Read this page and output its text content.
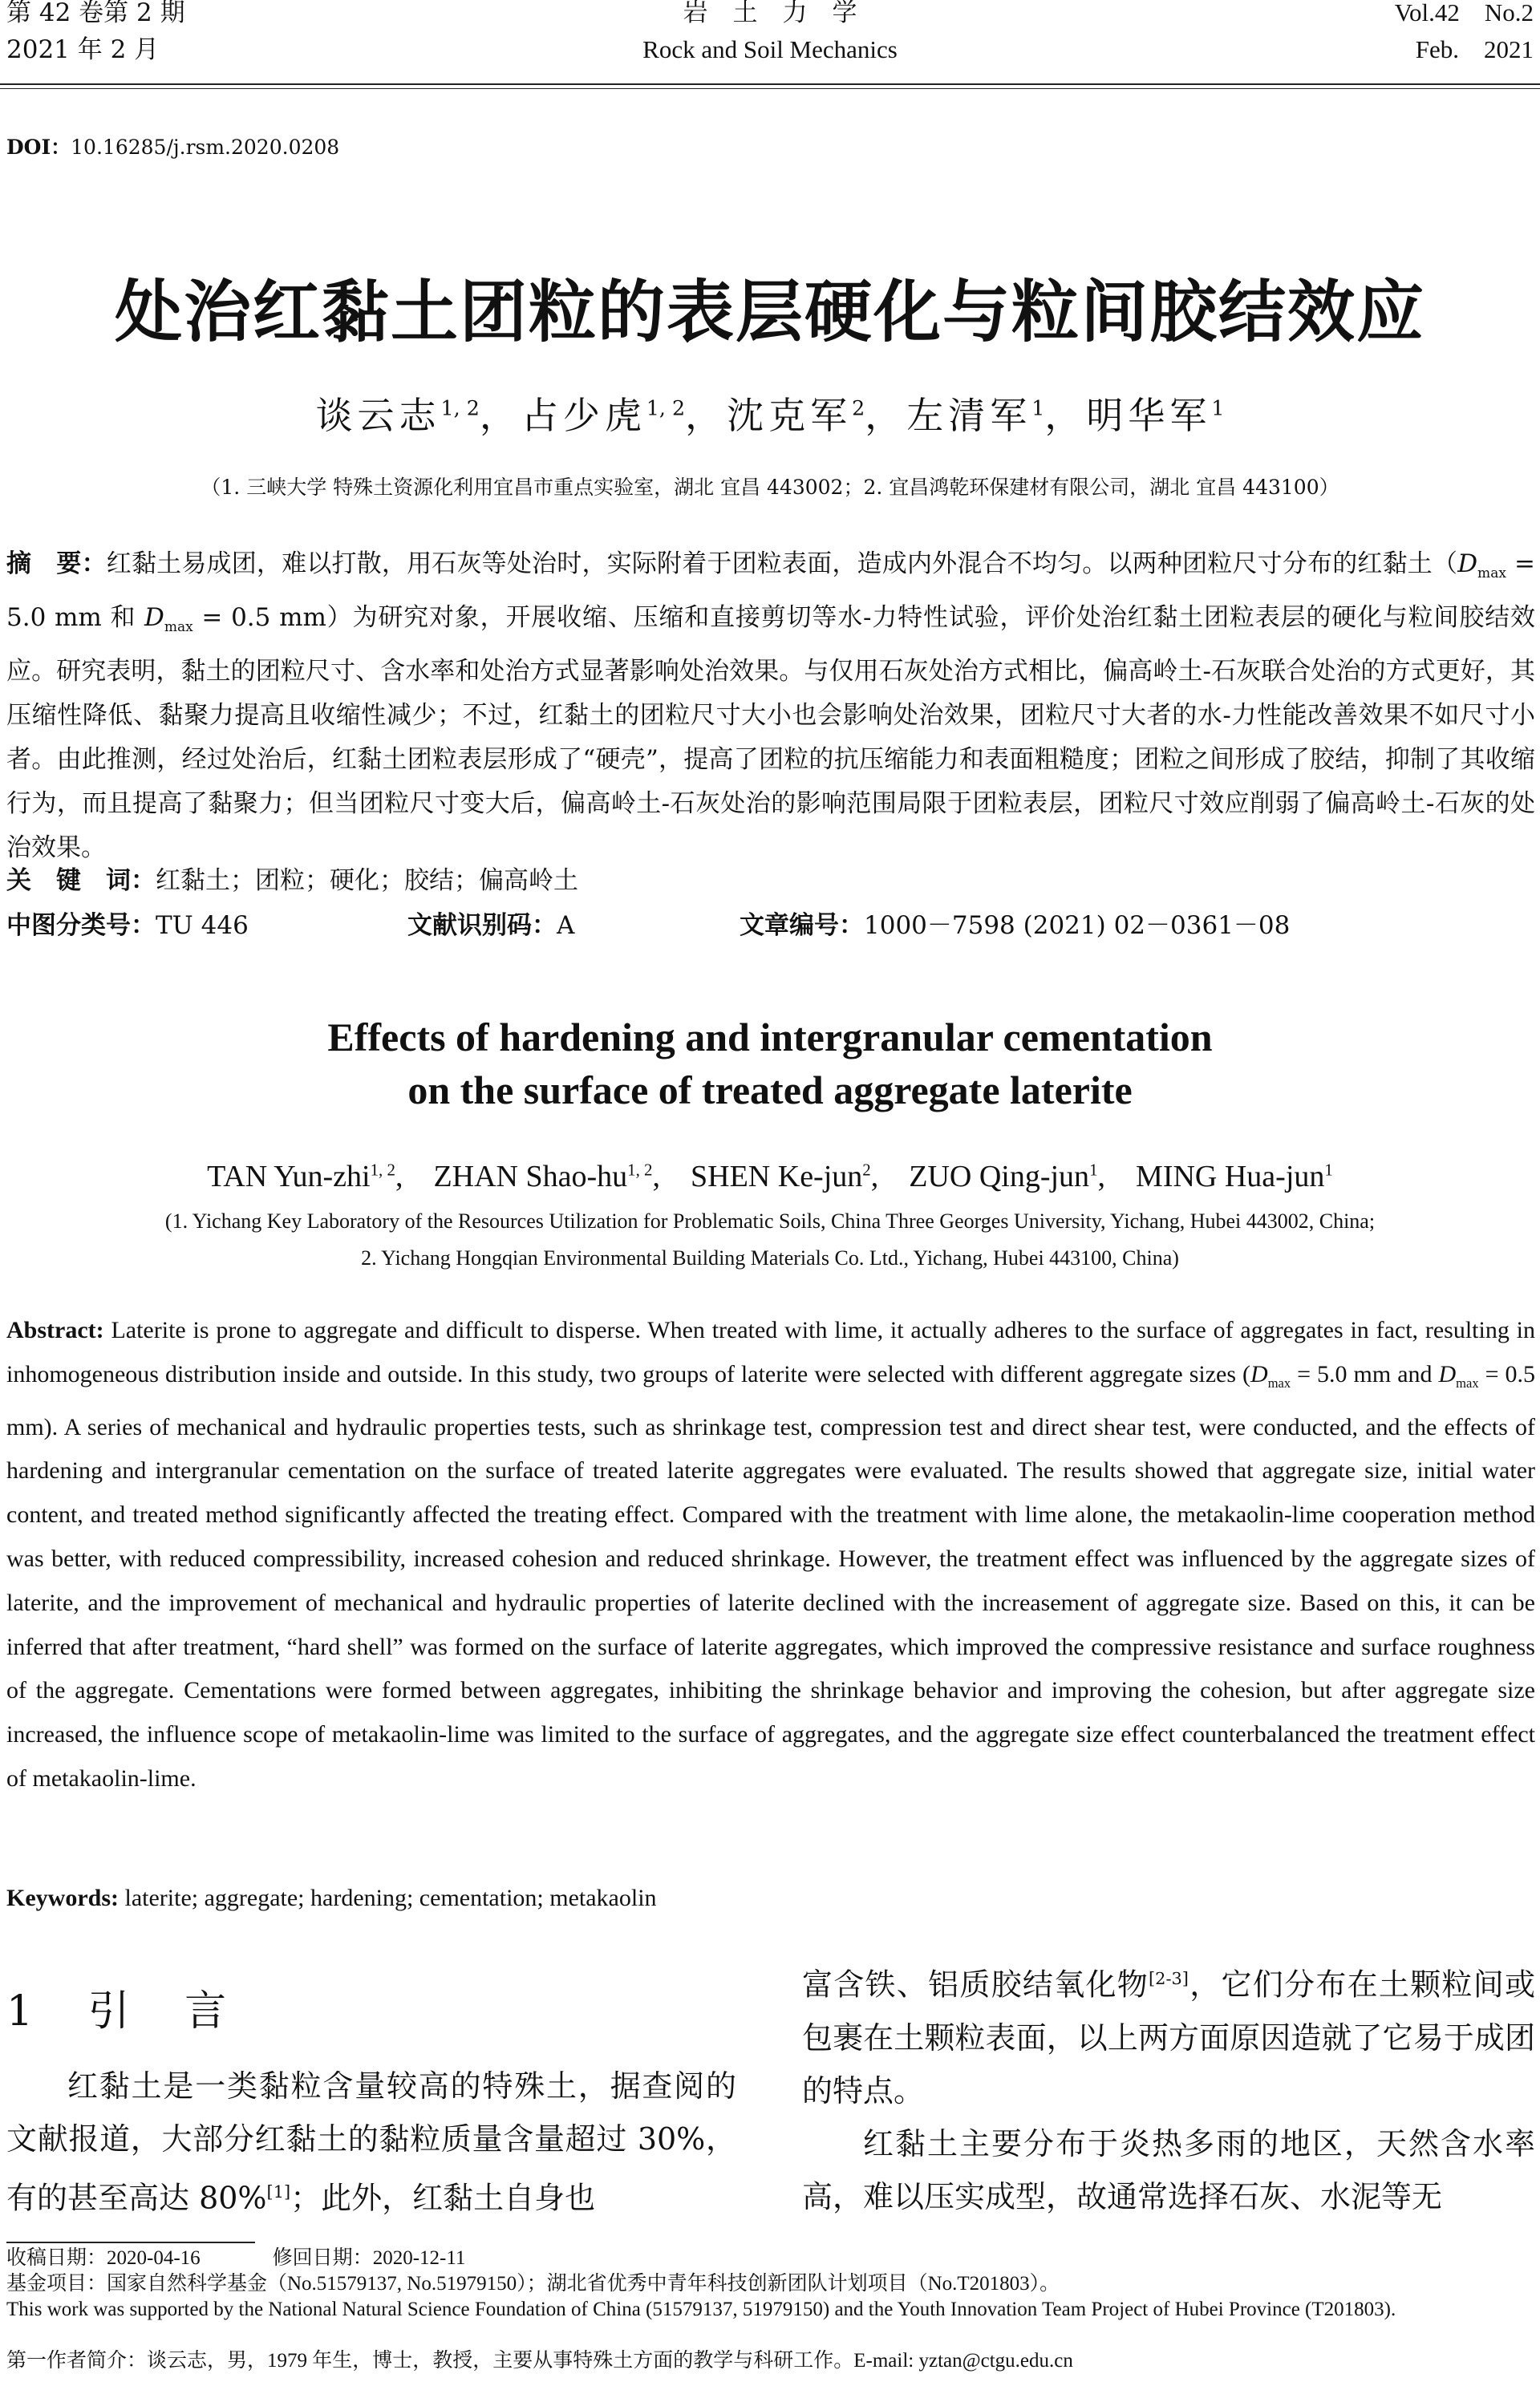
第 42 卷第 2 期
2021 年 2 月
岩　土　力　学
Rock and Soil Mechanics
Vol.42　No.2
Feb.　2021
DOI：10.16285/j.rsm.2020.0208
处治红黏土团粒的表层硬化与粒间胶结效应
谈云志$^{1, 2}$，占少虎$^{1, 2}$，沈克军$^2$，左清军$^1$，明华军$^1$
（1. 三峡大学 特殊土资源化利用宜昌市重点实验室，湖北 宜昌 443002；2. 宜昌鸿乾环保建材有限公司，湖北 宜昌 443100）
摘　要：红黏土易成团，难以打散，用石灰等处治时，实际附着于团粒表面，造成内外混合不均匀。以两种团粒尺寸分布的红黏土（$D_{max} = 5.0$ mm 和 $D_{max} = 0.5$ mm）为研究对象，开展收缩、压缩和直接剪切等水-力特性试验，评价处治红黏土团粒表层的硬化与粒间胶结效应。研究表明，黏土的团粒尺寸、含水率和处治方式显著影响处治效果。与仅用石灰处治方式相比，偏高岭土-石灰联合处治的方式更好，其压缩性降低、黏聚力提高且收缩性减少；不过，红黏土的团粒尺寸大小也会影响处治效果，团粒尺寸大者的水-力性能改善效果不如尺寸小者。由此推测，经过处治后，红黏土团粒表层形成了“硬壳”，提高了团粒的抗压缩能力和表面粗糙度；团粒之间形成了胶结，抑制了其收缩行为，而且提高了黏聚力；但当团粒尺寸变大后，偏高岭土-石灰处治的影响范围局限于团粒表层，团粒尺寸效应削弱了偏高岭土-石灰的处治效果。
关　键　词：红黏土；团粒；硬化；胶结；偏高岭土
中图分类号：TU 446	文献识别码：A	文章编号：1000－7598 (2021) 02－0361－08
Effects of hardening and intergranular cementation
on the surface of treated aggregate laterite
TAN Yun-zhi$^{1, 2}$,　ZHAN Shao-hu$^{1, 2}$,　SHEN Ke-jun$^2$,　ZUO Qing-jun$^1$,　MING Hua-jun$^1$
(1. Yichang Key Laboratory of the Resources Utilization for Problematic Soils, China Three Georges University, Yichang, Hubei 443002, China;
2. Yichang Hongqian Environmental Building Materials Co. Ltd., Yichang, Hubei 443100, China)
Abstract: Laterite is prone to aggregate and difficult to disperse. When treated with lime, it actually adheres to the surface of aggregates in fact, resulting in inhomogeneous distribution inside and outside. In this study, two groups of laterite were selected with different aggregate sizes ($D_{max} = 5.0$ mm and $D_{max} = 0.5$ mm). A series of mechanical and hydraulic properties tests, such as shrinkage test, compression test and direct shear test, were conducted, and the effects of hardening and intergranular cementation on the surface of treated laterite aggregates were evaluated. The results showed that aggregate size, initial water content, and treated method significantly affected the treating effect. Compared with the treatment with lime alone, the metakaolin-lime cooperation method was better, with reduced compressibility, increased cohesion and reduced shrinkage. However, the treatment effect was influenced by the aggregate sizes of laterite, and the improvement of mechanical and hydraulic properties of laterite declined with the increasement of aggregate size. Based on this, it can be inferred that after treatment, “hard shell” was formed on the surface of laterite aggregates, which improved the compressive resistance and surface roughness of the aggregate. Cementations were formed between aggregates, inhibiting the shrinkage behavior and improving the cohesion, but after aggregate size increased, the influence scope of metakaolin-lime was limited to the surface of aggregates, and the aggregate size effect counterbalanced the treatment effect of metakaolin-lime.
Keywords: laterite; aggregate; hardening; cementation; metakaolin
1 引 言
红黏土是一类黏粒含量较高的特殊土，据查阅的文献报道，大部分红黏土的黏粒质量含量超过 30%，有的甚至高达 80%[1]；此外，红黏土自身也
富含铁、铝质胶结氧化物[2-3]，它们分布在土颗粒间或包裹在土颗粒表面，以上两方面原因造就了它易于成团的特点。
红黏土主要分布于炎热多雨的地区，天然含水率高，难以压实成型，故通常选择石灰、水泥等无
收稿日期：2020-04-16	修回日期：2020-12-11
基金项目：国家自然科学基金（No.51579137, No.51979150）；湖北省优秀中青年科技创新团队计划项目（No.T201803）。
This work was supported by the National Natural Science Foundation of China (51579137, 51979150) and the Youth Innovation Team Project of Hubei Province (T201803).
第一作者简介：谈云志，男，1979 年生，博士，教授，主要从事特殊土方面的教学与科研工作。E-mail: yztan@ctgu.edu.cn
